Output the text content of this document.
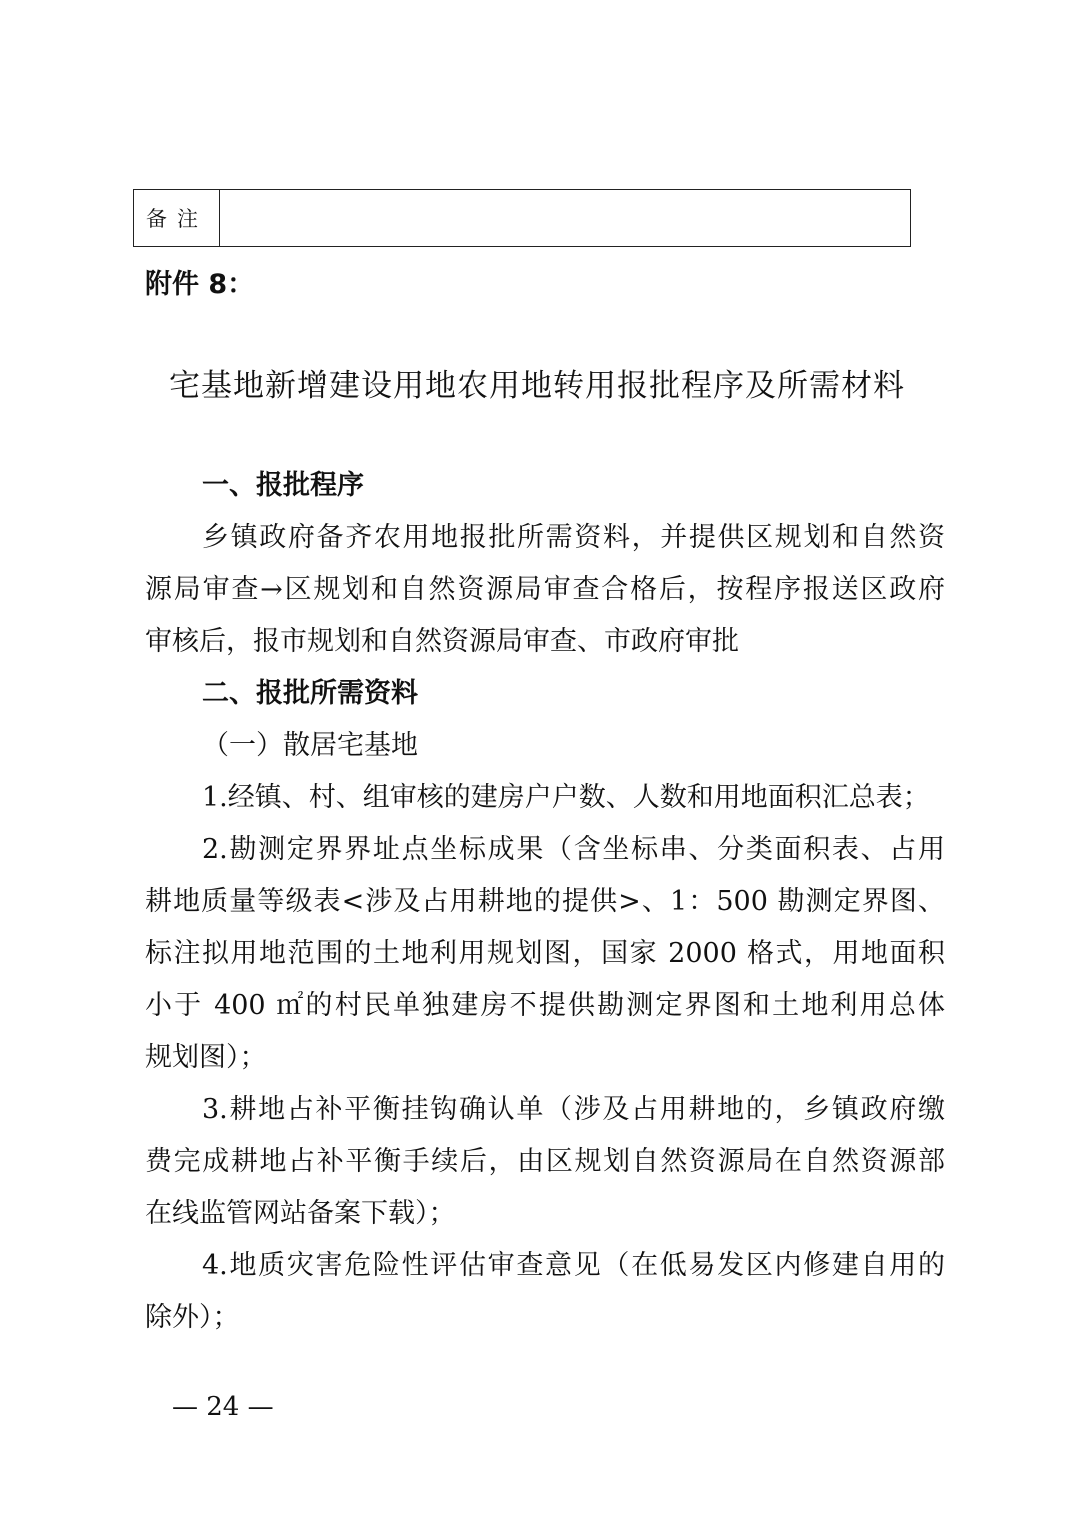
备注
附件 8：
宅基地新增建设用地农用地转用报批程序及所需材料
一、报批程序
乡镇政府备齐农用地报批所需资料，并提供区规划和自然资
源局审查→区规划和自然资源局审查合格后，按程序报送区政府
审核后，报市规划和自然资源局审查、市政府审批
二、报批所需资料
（一）散居宅基地
1.经镇、村、组审核的建房户户数、人数和用地面积汇总表；
2.勘测定界界址点坐标成果（含坐标串、分类面积表、占用
耕地质量等级表<涉及占用耕地的提供>、1：500 勘测定界图、
标注拟用地范围的土地利用规划图，国家 2000 格式，用地面积
小于 400 ㎡的村民单独建房不提供勘测定界图和土地利用总体
规划图）；
3.耕地占补平衡挂钩确认单（涉及占用耕地的，乡镇政府缴
费完成耕地占补平衡手续后，由区规划自然资源局在自然资源部
在线监管网站备案下载）；
4.地质灾害危险性评估审查意见（在低易发区内修建自用的
除外）；
— 24 —
